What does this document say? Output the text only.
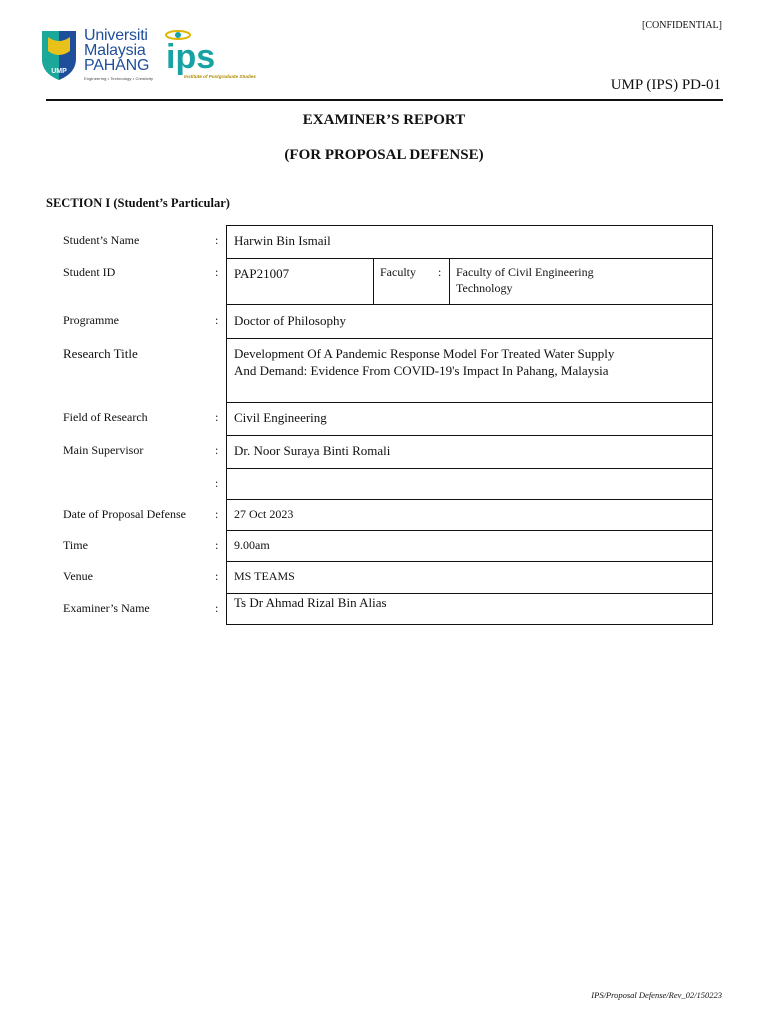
UMP
Universiti
Malaysia
PAHANG
Engineering • Technology • Creativity
ips
Institute of Postgraduate Studies
[CONFIDENTIAL]
UMP (IPS) PD-01
EXAMINER’S REPORT
(FOR PROPOSAL DEFENSE)
SECTION I (Student’s Particular)
Student’s Name	: Harwin Bin Ismail
Student ID	: PAP21007	Faculty : Faculty of Civil Engineering
Technology
Programme	: Doctor of Philosophy
Research Title	Development Of A Pandemic Response Model For Treated Water Supply
And Demand: Evidence From COVID-19's Impact In Pahang, Malaysia
Field of Research	: Civil Engineering
Main Supervisor	: Dr. Noor Suraya Binti Romali
:
Date of Proposal Defense : 27 Oct 2023
Time	: 9.00am
Venue	: MS TEAMS
Examiner’s Name	: Ts Dr Ahmad Rizal Bin Alias
IPS/Proposal Defense/Rev_02/150223
